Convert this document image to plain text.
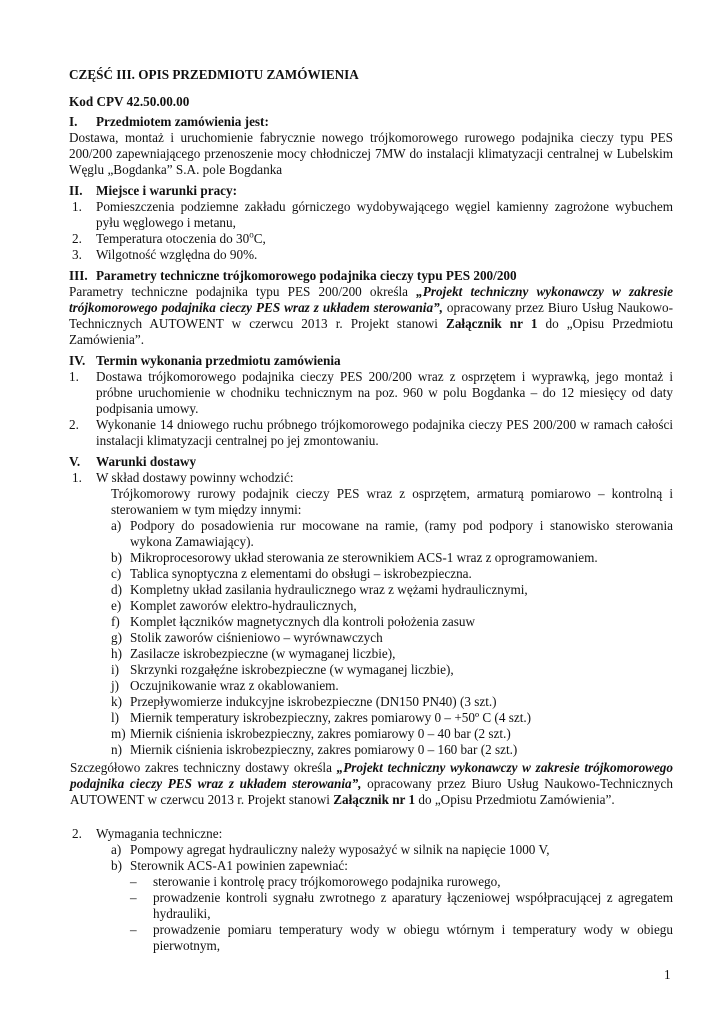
CZĘŚĆ III. OPIS PRZEDMIOTU ZAMÓWIENIA
Kod CPV 42.50.00.00
I. Przedmiotem zamówienia jest:
Dostawa, montaż i uruchomienie fabrycznie nowego trójkomorowego rurowego podajnika cieczy typu PES 200/200 zapewniającego przenoszenie mocy chłodniczej 7MW do instalacji klimatyzacji centralnej w Lubelskim Węglu „Bogdanka” S.A. pole Bogdanka
II. Miejsce i warunki pracy:
1. Pomieszczenia podziemne zakładu górniczego wydobywającego węgiel kamienny zagrożone wybuchem pyłu węglowego i metanu,
2. Temperatura otoczenia do 30$^o$C,
3. Wilgotność względna do 90%.
III. Parametry techniczne trójkomorowego podajnika cieczy typu PES 200/200
Parametry techniczne podajnika typu PES 200/200 określa „Projekt techniczny wykonawczy w zakresie trójkomorowego podajnika cieczy PES wraz z układem sterowania”, opracowany przez Biuro Usług Naukowo-Technicznych AUTOWENT w czerwcu 2013 r. Projekt stanowi Załącznik nr 1 do „Opisu Przedmiotu Zamówienia”.
IV. Termin wykonania przedmiotu zamówienia
1. Dostawa trójkomorowego podajnika cieczy PES 200/200 wraz z osprzętem i wyprawką, jego montaż i próbne uruchomienie w chodniku technicznym na poz. 960 w polu Bogdanka – do 12 miesięcy od daty podpisania umowy.
2. Wykonanie 14 dniowego ruchu próbnego trójkomorowego podajnika cieczy PES 200/200 w ramach całości instalacji klimatyzacji centralnej po jej zmontowaniu.
V. Warunki dostawy
1. W skład dostawy powinny wchodzić:
Trójkomorowy rurowy podajnik cieczy PES wraz z osprzętem, armaturą pomiarowo – kontrolną i sterowaniem w tym między innymi:
a) Podpory do posadowienia rur mocowane na ramie, (ramy pod podpory i stanowisko sterowania wykona Zamawiający).
b) Mikroprocesorowy układ sterowania ze sterownikiem ACS-1 wraz z oprogramowaniem.
c) Tablica synoptyczna z elementami do obsługi – iskrobezpieczna.
d) Kompletny układ zasilania hydraulicznego wraz z wężami hydraulicznymi,
e) Komplet zaworów elektro-hydraulicznych,
f) Komplet łączników magnetycznych dla kontroli położenia zasuw
g) Stolik zaworów ciśnieniowo – wyrównawczych
h) Zasilacze iskrobezpieczne (w wymaganej liczbie),
i) Skrzynki rozgałęźne iskrobezpieczne (w wymaganej liczbie),
j) Oczujnikowanie wraz z okablowaniem.
k) Przepływomierze indukcyjne iskrobezpieczne (DN150 PN40) (3 szt.)
l) Miernik temperatury iskrobezpieczny, zakres pomiarowy 0 – +50º C (4 szt.)
m) Miernik ciśnienia iskrobezpieczny, zakres pomiarowy 0 – 40 bar (2 szt.)
n) Miernik ciśnienia iskrobezpieczny, zakres pomiarowy 0 – 160 bar (2 szt.)
Szczegółowo zakres techniczny dostawy określa „Projekt techniczny wykonawczy w zakresie trójkomorowego podajnika cieczy PES wraz z układem sterowania”, opracowany przez Biuro Usług Naukowo-Technicznych AUTOWENT w czerwcu 2013 r. Projekt stanowi Załącznik nr 1 do „Opisu Przedmiotu Zamówienia”.
2. Wymagania techniczne:
a) Pompowy agregat hydrauliczny należy wyposażyć w silnik na napięcie 1000 V,
b) Sterownik ACS-A1 powinien zapewniać:
– sterowanie i kontrolę pracy trójkomorowego podajnika rurowego,
– prowadzenie kontroli sygnału zwrotnego z aparatury łączeniowej współpracującej z agregatem hydrauliki,
– prowadzenie pomiaru temperatury wody w obiegu wtórnym i temperatury wody w obiegu pierwotnym,
1
